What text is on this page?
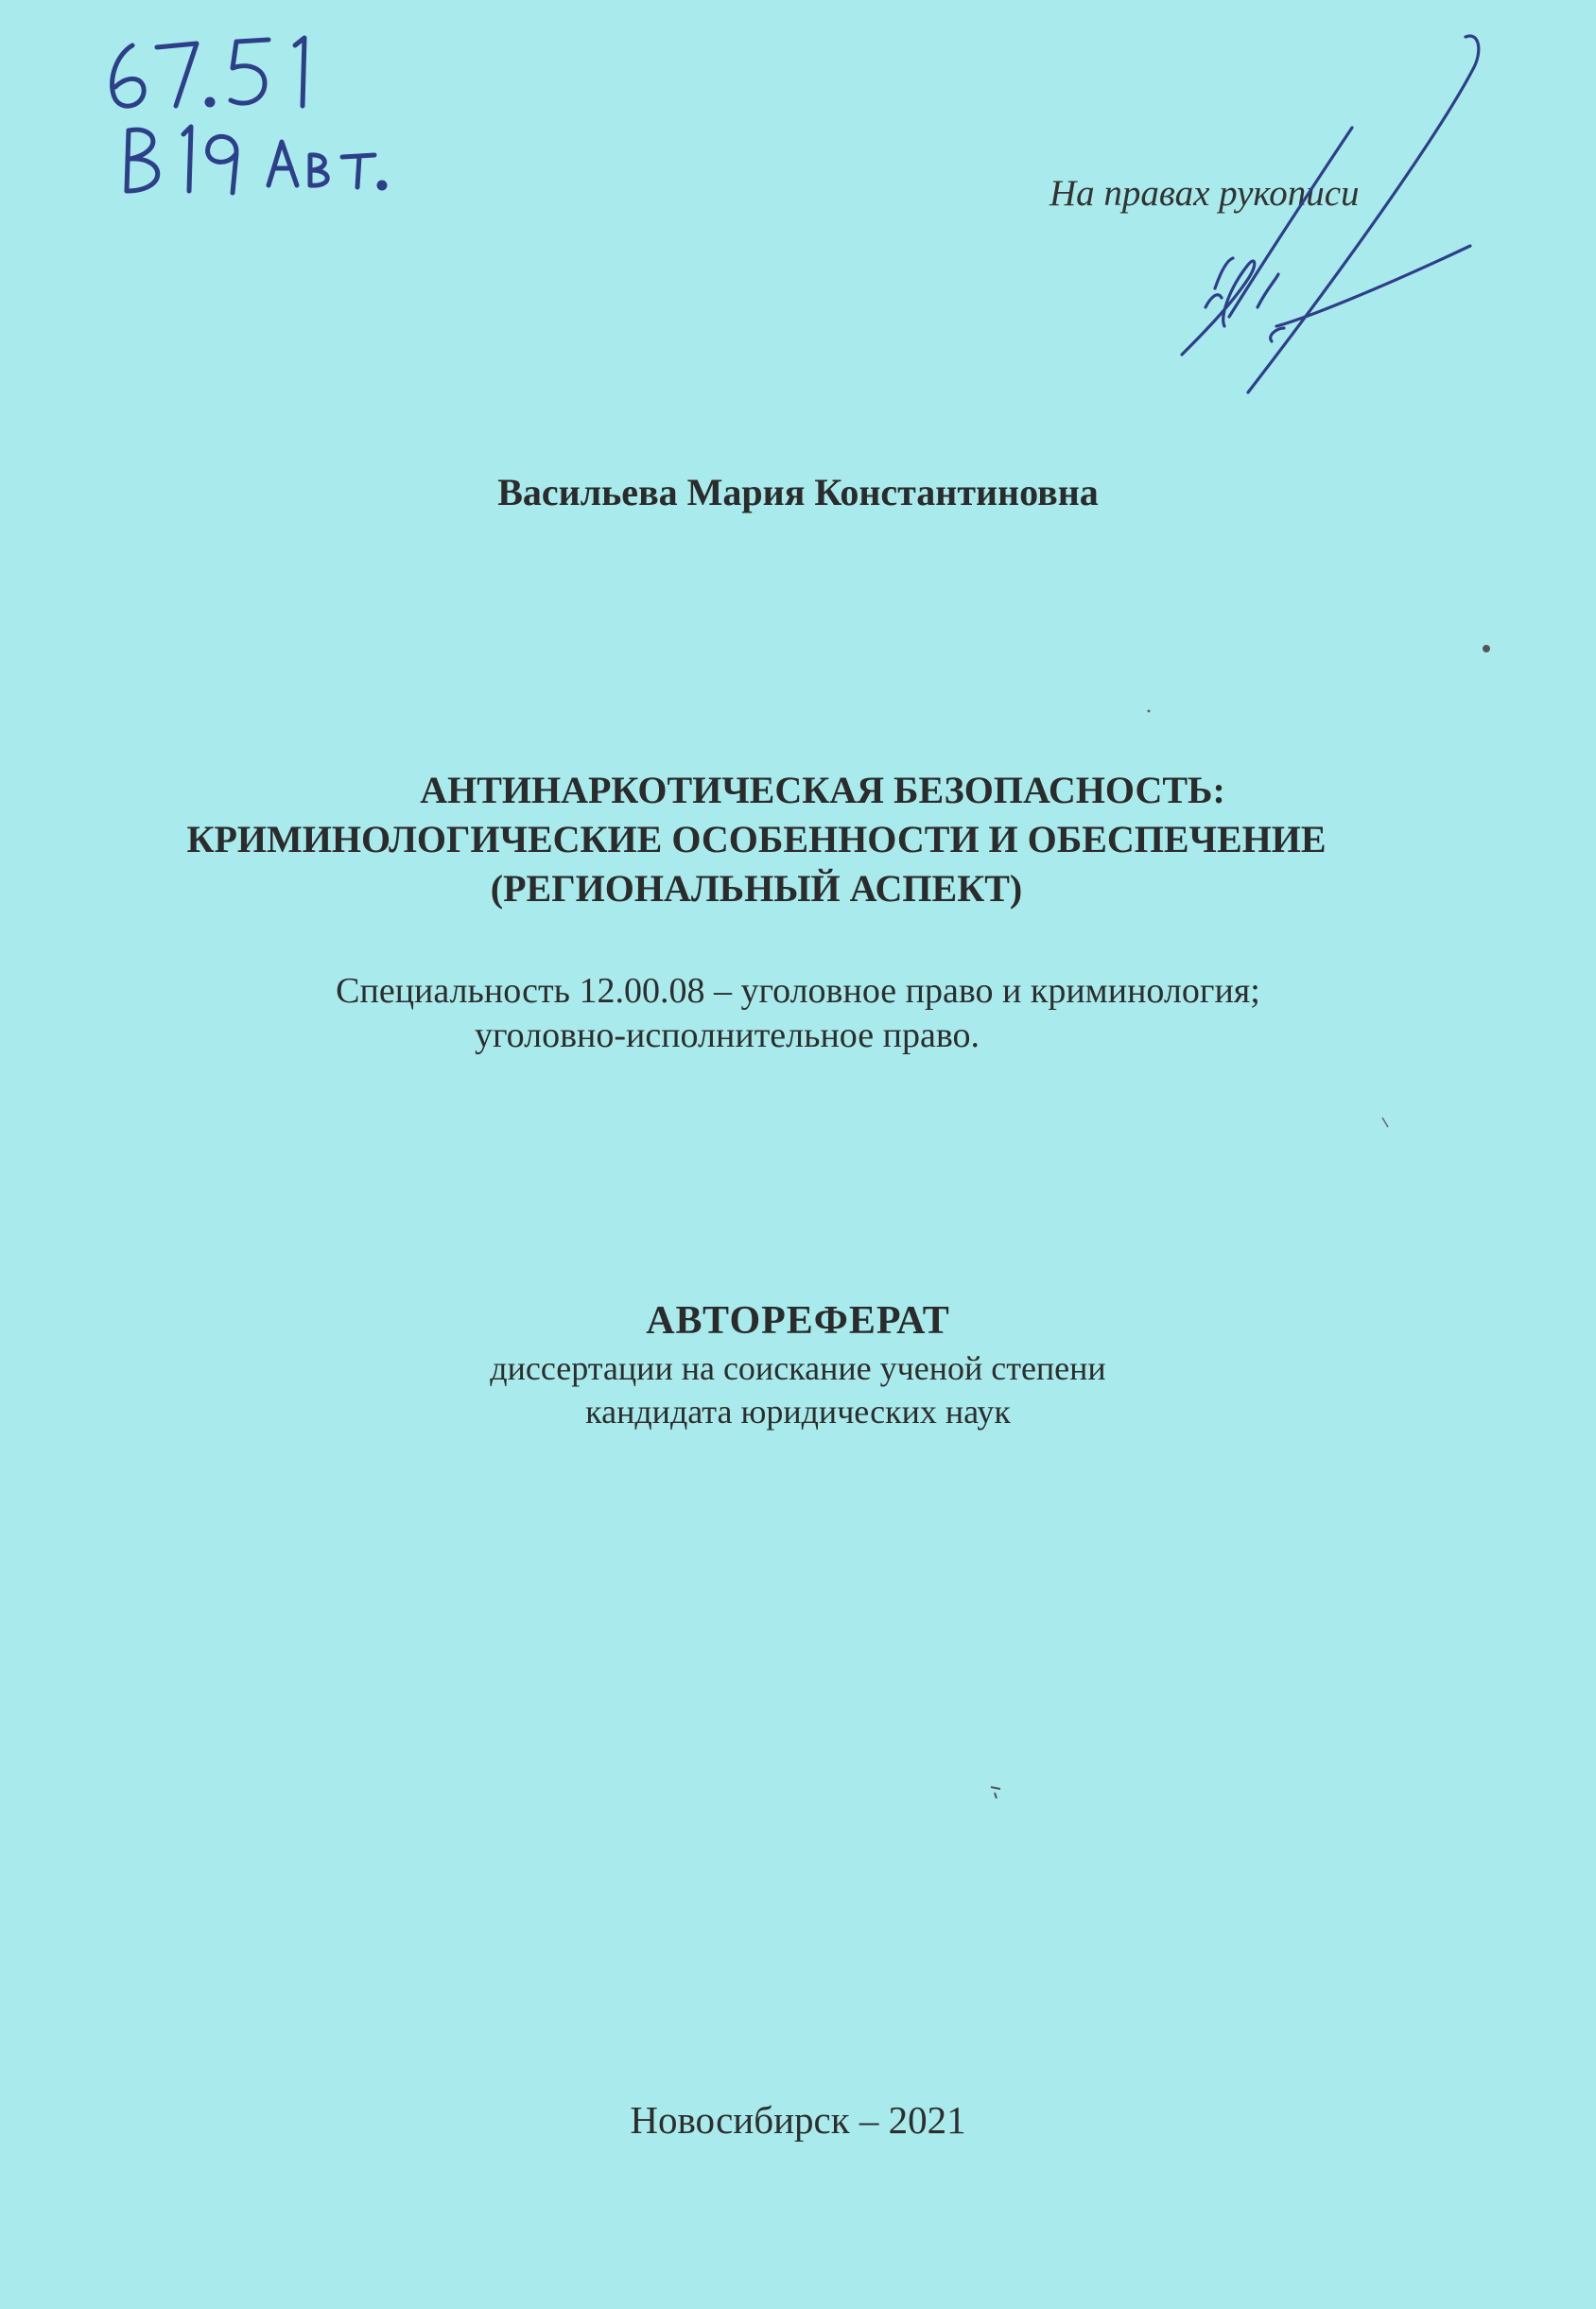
На правах рукописи
Васильева Мария Константиновна
АНТИНАРКОТИЧЕСКАЯ БЕЗОПАСНОСТЬ:
КРИМИНОЛОГИЧЕСКИЕ ОСОБЕННОСТИ И ОБЕСПЕЧЕНИЕ
(РЕГИОНАЛЬНЫЙ АСПЕКТ)
Специальность 12.00.08 – уголовное право и криминология;
уголовно-исполнительное право.
АВТОРЕФЕРАТ
диссертации на соискание ученой степени
кандидата юридических наук
Новосибирск – 2021
